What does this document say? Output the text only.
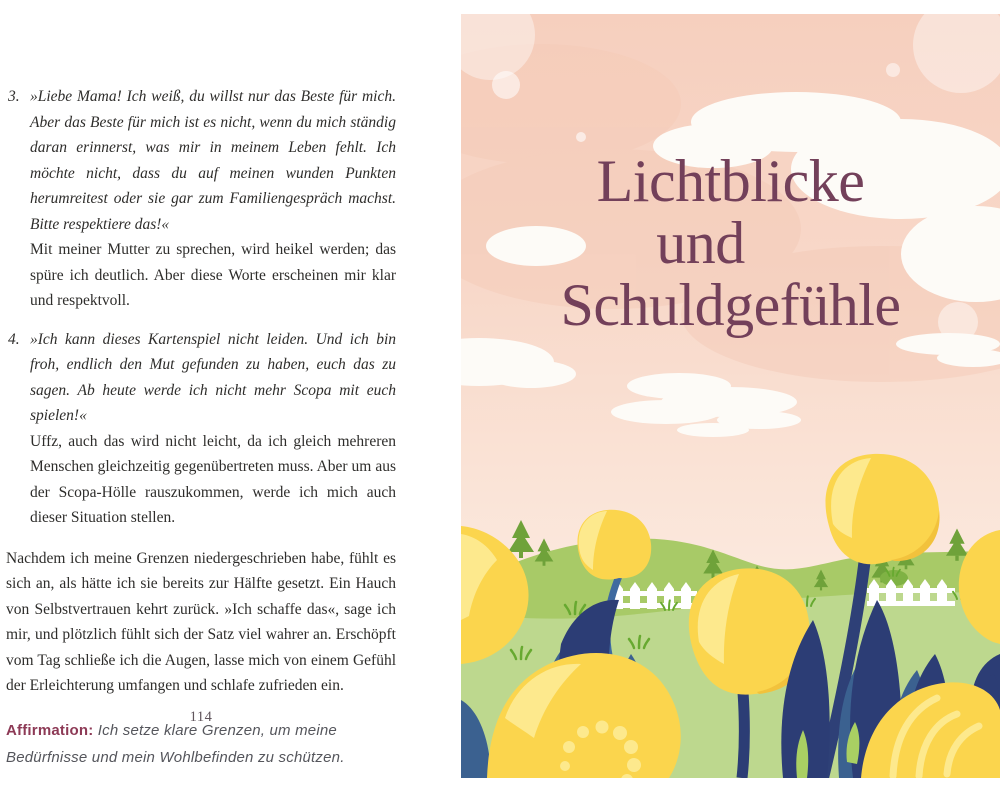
3. »Liebe Mama! Ich weiß, du willst nur das Beste für mich. Aber das Beste für mich ist es nicht, wenn du mich ständig daran erinnerst, was mir in meinem Leben fehlt. Ich möchte nicht, dass du auf meinen wunden Punkten herumreitest oder sie gar zum Familiengespräch machst. Bitte respektiere das!«

Mit meiner Mutter zu sprechen, wird heikel werden; das spüre ich deutlich. Aber diese Worte erscheinen mir klar und respektvoll.

4. »Ich kann dieses Kartenspiel nicht leiden. Und ich bin froh, endlich den Mut gefunden zu haben, euch das zu sagen. Ab heute werde ich nicht mehr Scopa mit euch spielen!«

Uffz, auch das wird nicht leicht, da ich gleich mehreren Menschen gleichzeitig gegenübertreten muss. Aber um aus der Scopa-Hölle rauszukommen, werde ich mich auch dieser Situation stellen.

Nachdem ich meine Grenzen niedergeschrieben habe, fühlt es sich an, als hätte ich sie bereits zur Hälfte gesetzt. Ein Hauch von Selbstvertrauen kehrt zurück. »Ich schaffe das«, sage ich mir, und plötzlich fühlt sich der Satz viel wahrer an. Erschöpft vom Tag schließe ich die Augen, lasse mich von einem Gefühl der Erleichterung umfangen und schlafe zufrieden ein.

Affirmation: Ich setze klare Grenzen, um meine Bedürfnisse und mein Wohlbefinden zu schützen.

114
Lichtblicke
und
Schuldgefühle
